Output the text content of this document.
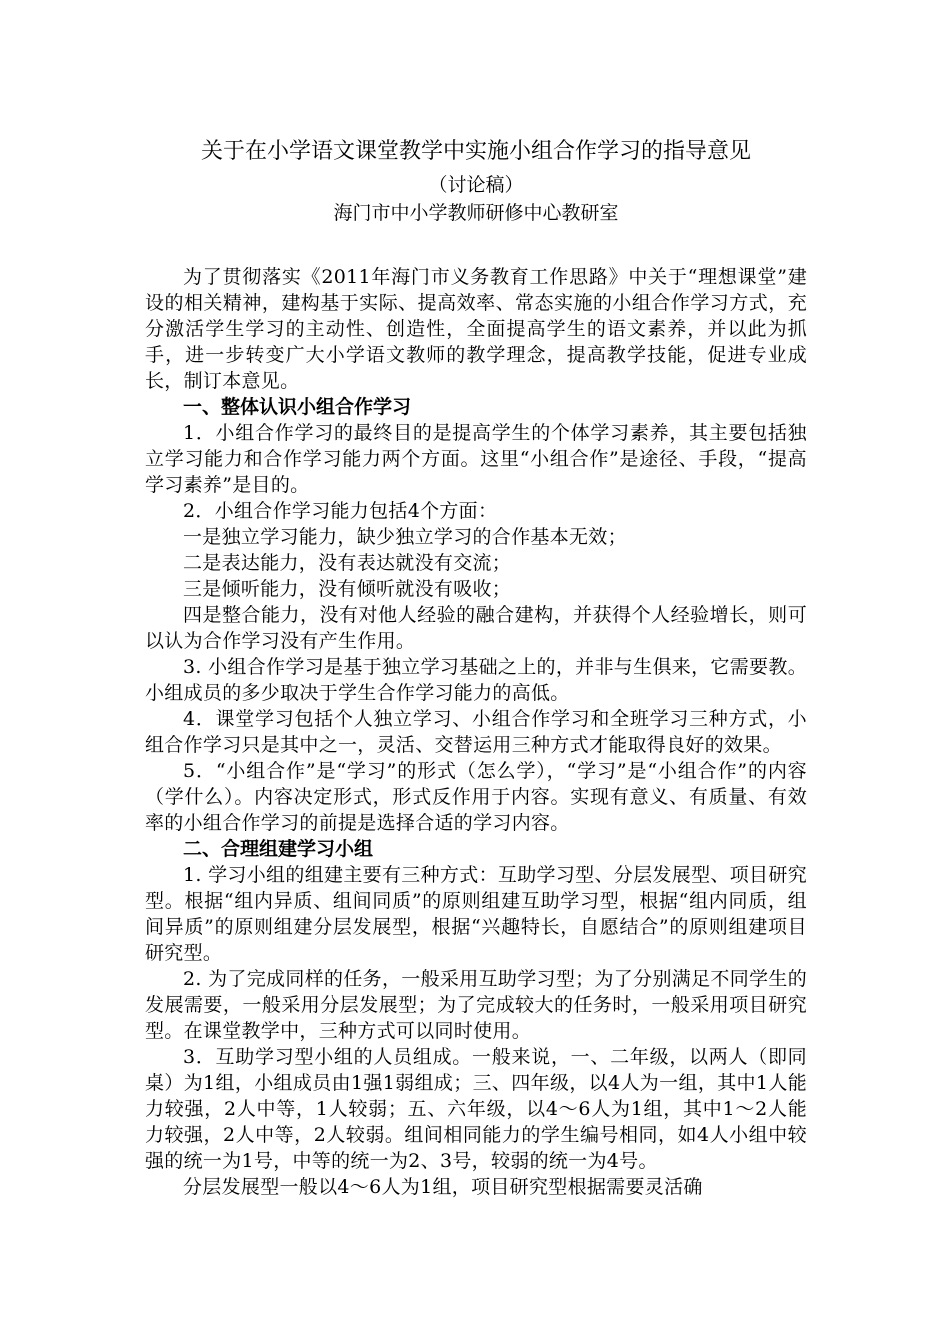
关于在小学语文课堂教学中实施小组合作学习的指导意见
（讨论稿）
海门市中小学教师研修中心教研室

为了贯彻落实《2011年海门市义务教育工作思路》中关于“理想课堂”建设的相关精神，建构基于实际、提高效率、常态实施的小组合作学习方式，充分激活学生学习的主动性、创造性，全面提高学生的语文素养，并以此为抓手，进一步转变广大小学语文教师的教学理念，提高教学技能，促进专业成长，制订本意见。

一、整体认识小组合作学习

1．小组合作学习的最终目的是提高学生的个体学习素养，其主要包括独立学习能力和合作学习能力两个方面。这里“小组合作”是途径、手段，“提高学习素养”是目的。

2．小组合作学习能力包括4个方面：

一是独立学习能力，缺少独立学习的合作基本无效；

二是表达能力，没有表达就没有交流；

三是倾听能力，没有倾听就没有吸收；

四是整合能力，没有对他人经验的融合建构，并获得个人经验增长，则可以认为合作学习没有产生作用。

3. 小组合作学习是基于独立学习基础之上的，并非与生俱来，它需要教。小组成员的多少取决于学生合作学习能力的高低。

4．课堂学习包括个人独立学习、小组合作学习和全班学习三种方式，小组合作学习只是其中之一，灵活、交替运用三种方式才能取得良好的效果。

5．“小组合作”是“学习”的形式（怎么学），“学习”是“小组合作”的内容（学什么）。内容决定形式，形式反作用于内容。实现有意义、有质量、有效率的小组合作学习的前提是选择合适的学习内容。

二、合理组建学习小组

1. 学习小组的组建主要有三种方式：互助学习型、分层发展型、项目研究型。根据“组内异质、组间同质”的原则组建互助学习型，根据“组内同质，组间异质”的原则组建分层发展型，根据“兴趣特长，自愿结合”的原则组建项目研究型。

2. 为了完成同样的任务，一般采用互助学习型；为了分别满足不同学生的发展需要，一般采用分层发展型；为了完成较大的任务时，一般采用项目研究型。在课堂教学中，三种方式可以同时使用。

3．互助学习型小组的人员组成。一般来说，一、二年级，以两人（即同桌）为1组，小组成员由1强1弱组成；三、四年级，以4人为一组，其中1人能力较强，2人中等，1人较弱；五、六年级，以4～6人为1组，其中1～2人能力较强，2人中等，2人较弱。组间相同能力的学生编号相同，如4人小组中较强的统一为1号，中等的统一为2、3号，较弱的统一为4号。

分层发展型一般以4～6人为1组，项目研究型根据需要灵活确
